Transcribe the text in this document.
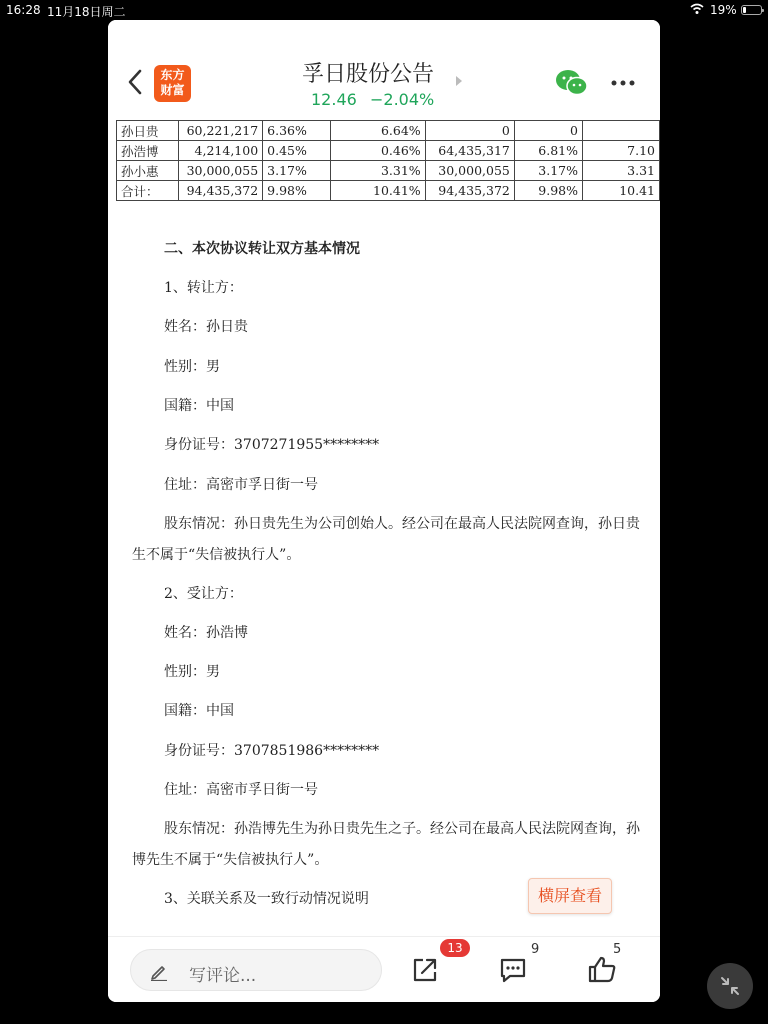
16:28 11月18日周二	19%
东方
财富
孚日股份公告
12.46 −2.04%
孙日贵	60,221,217	6.36%	6.64%	0	0	
孙浩博	4,214,100	0.45%	0.46%	64,435,317	6.81%	7.10
孙小惠	30,000,055	3.17%	3.31%	30,000,055	3.17%	3.31
合计：	94,435,372	9.98%	10.41%	94,435,372	9.98%	10.41
二、本次协议转让双方基本情况
1、转让方：
姓名：孙日贵
性别：男
国籍：中国
身份证号：3707271955********
住址：高密市孚日街一号
股东情况：孙日贵先生为公司创始人。经公司在最高人民法院网查询，孙日贵
生不属于“失信被执行人”。
2、受让方：
姓名：孙浩博
性别：男
国籍：中国
身份证号：3707851986********
住址：高密市孚日街一号
股东情况：孙浩博先生为孙日贵先生之子。经公司在最高人民法院网查询，孙
博先生不属于“失信被执行人”。
3、关联关系及一致行动情况说明	横屏查看
写评论...
13	9	5
